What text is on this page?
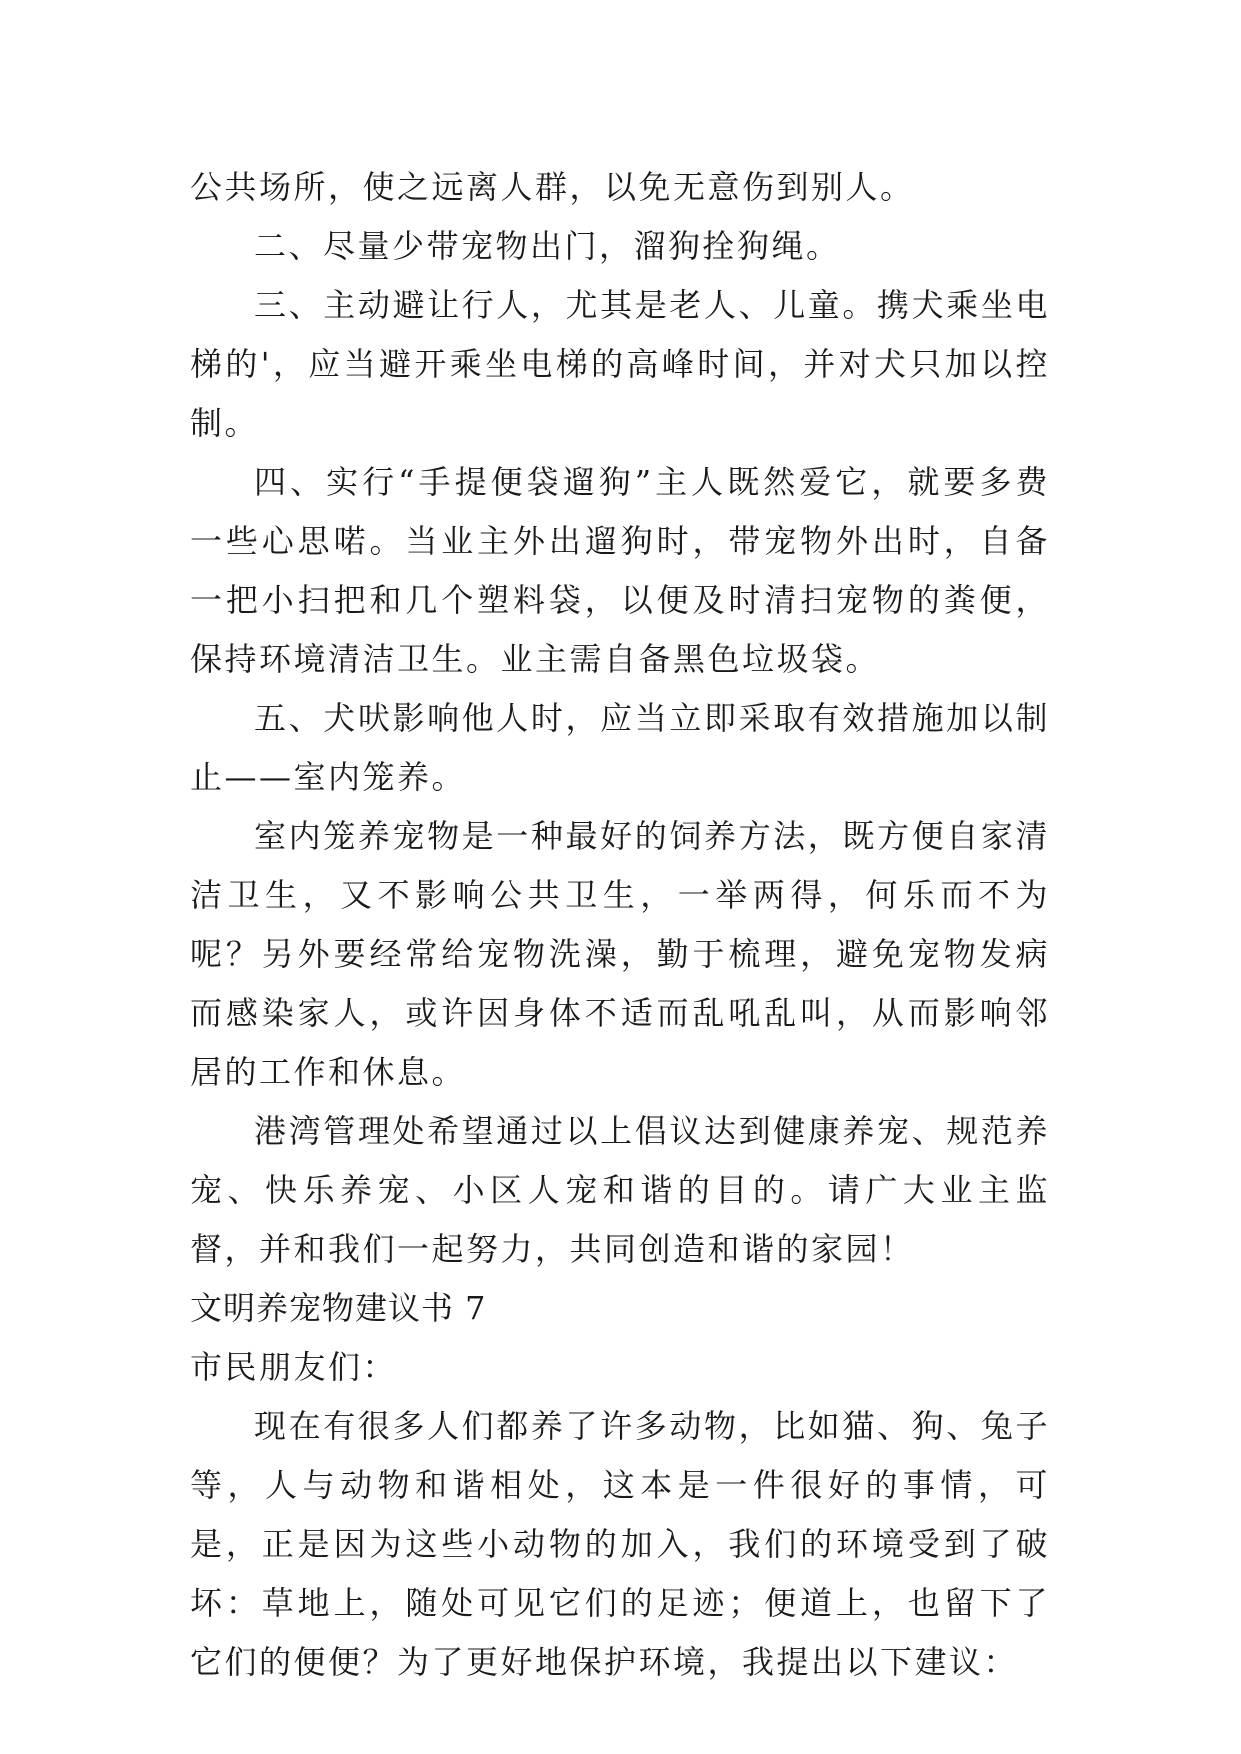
公共场所，使之远离人群，以免无意伤到别人。

二、尽量少带宠物出门，溜狗拴狗绳。

三、主动避让行人，尤其是老人、儿童。携犬乘坐电梯的'，应当避开乘坐电梯的高峰时间，并对犬只加以控制。

四、实行“手提便袋遛狗”主人既然爱它，就要多费一些心思喏。当业主外出遛狗时，带宠物外出时，自备一把小扫把和几个塑料袋，以便及时清扫宠物的粪便，保持环境清洁卫生。业主需自备黑色垃圾袋。

五、犬吠影响他人时，应当立即采取有效措施加以制止——室内笼养。

室内笼养宠物是一种最好的饲养方法，既方便自家清洁卫生，又不影响公共卫生，一举两得，何乐而不为呢？另外要经常给宠物洗澡，勤于梳理，避免宠物发病而感染家人，或许因身体不适而乱吼乱叫，从而影响邻居的工作和休息。

港湾管理处希望通过以上倡议达到健康养宠、规范养宠、快乐养宠、小区人宠和谐的目的。请广大业主监督，并和我们一起努力，共同创造和谐的家园！

文明养宠物建议书 7

市民朋友们：

现在有很多人们都养了许多动物，比如猫、狗、兔子等，人与动物和谐相处，这本是一件很好的事情，可是，正是因为这些小动物的加入，我们的环境受到了破坏：草地上，随处可见它们的足迹；便道上，也留下了它们的便便？为了更好地保护环境，我提出以下建议：
